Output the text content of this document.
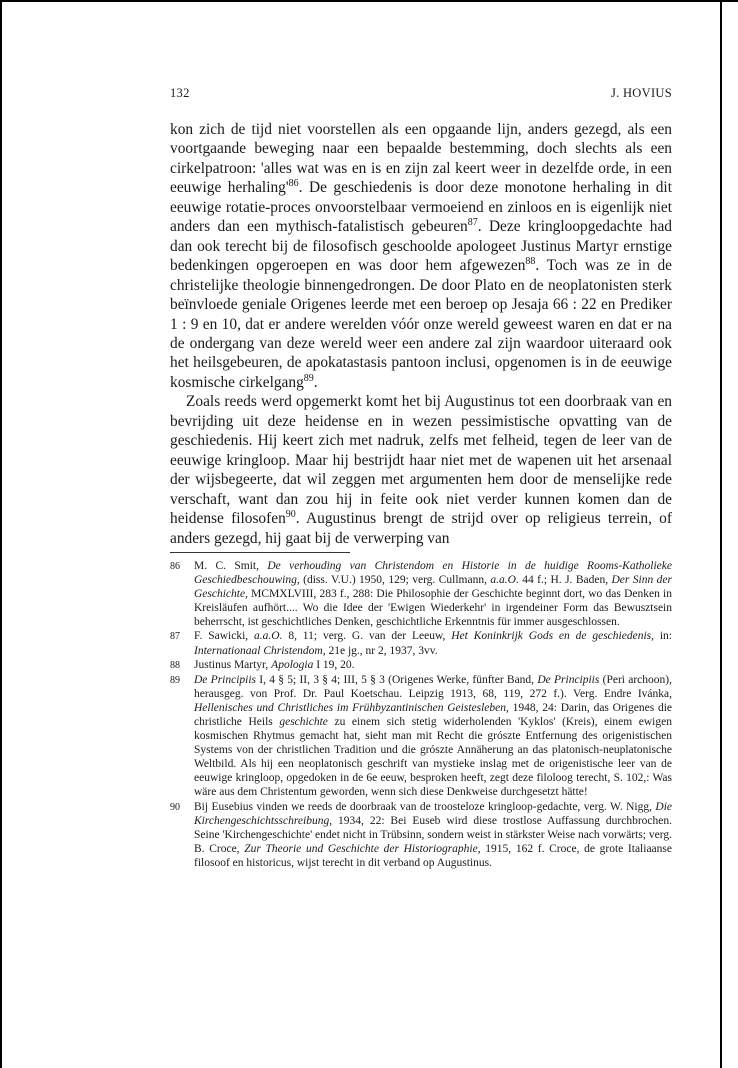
132	J. HOVIUS

kon zich de tijd niet voorstellen als een opgaande lijn, anders gezegd, als een voortgaande beweging naar een bepaalde bestemming, doch slechts als een cirkelpatroon: 'alles wat was en is en zijn zal keert weer in dezelfde orde, in een eeuwige herhaling'$^{86}$. De geschiedenis is door deze monotone herhaling in dit eeuwige rotatie-proces onvoorstelbaar vermoeiend en zinloos en is eigenlijk niet anders dan een mythisch-fatalistisch gebeuren$^{87}$. Deze kringloopgedachte had dan ook terecht bij de filosofisch geschoolde apologeet Justinus Martyr ernstige bedenkingen opgeroepen en was door hem afgewezen$^{88}$. Toch was ze in de christelijke theologie binnengedrongen. De door Plato en de neoplatonisten sterk beïnvloede geniale Origenes leerde met een beroep op Jesaja 66 : 22 en Prediker 1 : 9 en 10, dat er andere werelden vóór onze wereld geweest waren en dat er na de ondergang van deze wereld weer een andere zal zijn waardoor uiteraard ook het heilsgebeuren, de apokatastasis pantoon inclusi, opgenomen is in de eeuwige kosmische cirkelgang$^{89}$.

Zoals reeds werd opgemerkt komt het bij Augustinus tot een doorbraak van en bevrijding uit deze heidense en in wezen pessimistische opvatting van de geschiedenis. Hij keert zich met nadruk, zelfs met felheid, tegen de leer van de eeuwige kringloop. Maar hij bestrijdt haar niet met de wapenen uit het arsenaal der wijsbegeerte, dat wil zeggen met argumenten hem door de menselijke rede verschaft, want dan zou hij in feite ook niet verder kunnen komen dan de heidense filosofen$^{90}$. Augustinus brengt de strijd over op religieus terrein, of anders gezegd, hij gaat bij de verwerping van

86	M. C. Smit, De verhouding van Christendom en Historie in de huidige Rooms-Katholieke Geschiedbeschouwing, (diss. V.U.) 1950, 129; verg. Cullmann, a.a.O. 44 f.; H. J. Baden, Der Sinn der Geschichte, MCMXLVIII, 283 f., 288: Die Philosophie der Geschichte beginnt dort, wo das Denken in Kreisläufen aufhört.... Wo die Idee der 'Ewigen Wiederkehr' in irgendeiner Form das Bewusztsein beherrscht, ist geschichtliches Denken, geschichtliche Erkenntnis für immer ausgeschlossen.
87	F. Sawicki, a.a.O. 8, 11; verg. G. van der Leeuw, Het Koninkrijk Gods en de geschiedenis, in: Internationaal Christendom, 21e jg., nr 2, 1937, 3vv.
88	Justinus Martyr, Apologia I 19, 20.
89	De Principiis I, 4 § 5; II, 3 § 4; III, 5 § 3 (Origenes Werke, fünfter Band, De Principiis (Peri archoon), herausgeg. von Prof. Dr. Paul Koetschau. Leipzig 1913, 68, 119, 272 f.). Verg. Endre Ivánka, Hellenisches und Christliches im Frühbyzantinischen Geistesleben, 1948, 24: Darin, das Origenes die christliche Heils geschichte zu einem sich stetig widerholenden 'Kyklos' (Kreis), einem ewigen kosmischen Rhytmus gemacht hat, sieht man mit Recht die grószte Entfernung des origenistischen Systems von der christlichen Tradition und die grószte Annäherung an das platonisch-neuplatonische Weltbild. Als hij een neoplatonisch geschrift van mystieke inslag met de origenistische leer van de eeuwige kringloop, opgedoken in de 6e eeuw, besproken heeft, zegt deze filoloog terecht, S. 102,: Was wäre aus dem Christentum geworden, wenn sich diese Denkweise durchgesetzt hätte!
90	Bij Eusebius vinden we reeds de doorbraak van de troosteloze kringloop-gedachte, verg. W. Nigg, Die Kirchengeschichtsschreibung, 1934, 22: Bei Euseb wird diese trostlose Auffassung durchbrochen. Seine 'Kirchengeschichte' endet nicht in Trübsinn, sondern weist in stärkster Weise nach vorwärts; verg. B. Croce, Zur Theorie und Geschichte der Historiographie, 1915, 162 f. Croce, de grote Italiaanse filosoof en historicus, wijst terecht in dit verband op Augustinus.
